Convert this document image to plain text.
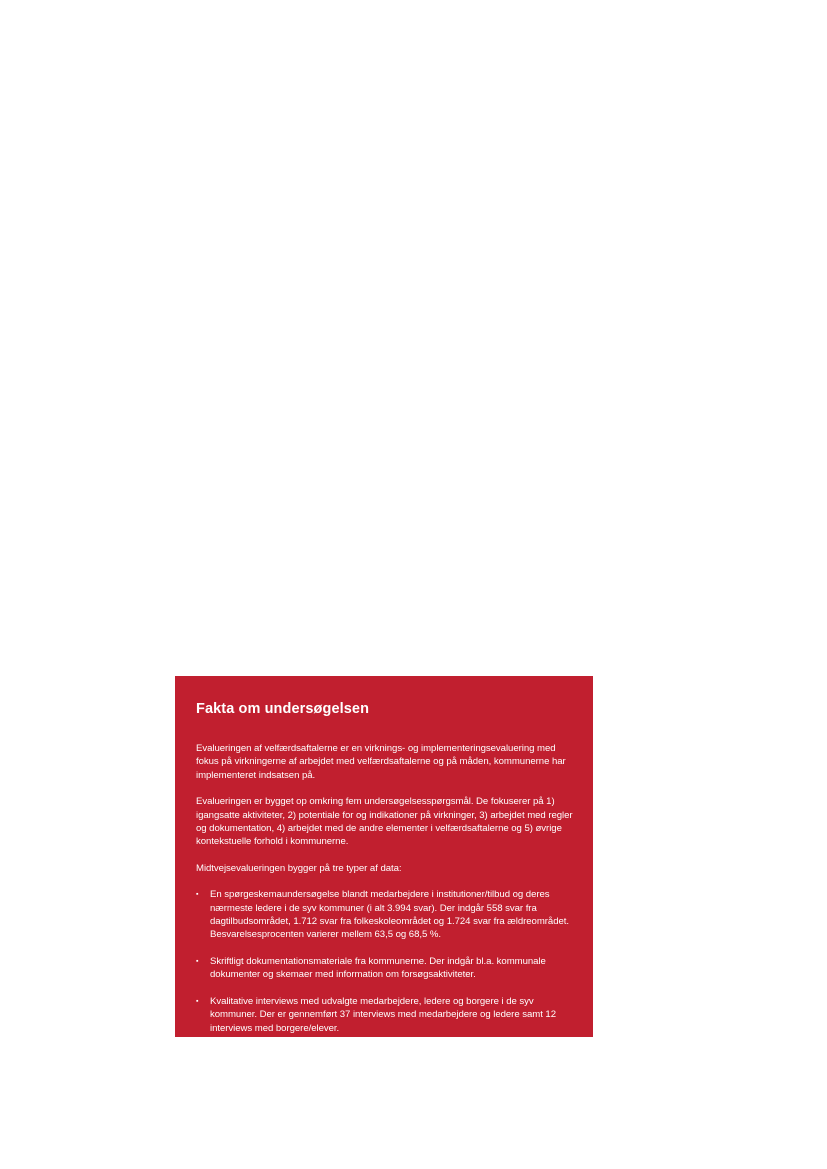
Fakta om undersøgelsen

Evalueringen af velfærdsaftalerne er en virknings- og implementeringsevaluering med fokus på virkningerne af arbejdet med velfærdsaftalerne og på måden, kommunerne har implementeret indsatsen på.

Evalueringen er bygget op omkring fem undersøgelsesspørgsmål. De fokuserer på 1) igangsatte aktiviteter, 2) potentiale for og indikationer på virkninger, 3) arbejdet med regler og dokumentation, 4) arbejdet med de andre elementer i velfærdsaftalerne og 5) øvrige kontekstuelle forhold i kommunerne.

Midtvejsevalueringen bygger på tre typer af data:

▪	En spørgeskemaundersøgelse blandt medarbejdere i institutioner/tilbud og deres nærmeste ledere i de syv kommuner (i alt 3.994 svar). Der indgår 558 svar fra dagtilbudsområdet, 1.712 svar fra folkeskoleområdet og 1.724 svar fra ældreområdet. Besvarelsesprocenten varierer mellem 63,5 og 68,5 %.
▪	Skriftligt dokumentationsmateriale fra kommunerne. Der indgår bl.a. kommunale dokumenter og skemaer med information om forsøgsaktiviteter.
▪	Kvalitative interviews med udvalgte medarbejdere, ledere og borgere i de syv kommuner. Der er gennemført 37 interviews med medarbejdere og ledere samt 12 interviews med borgere/elever.
